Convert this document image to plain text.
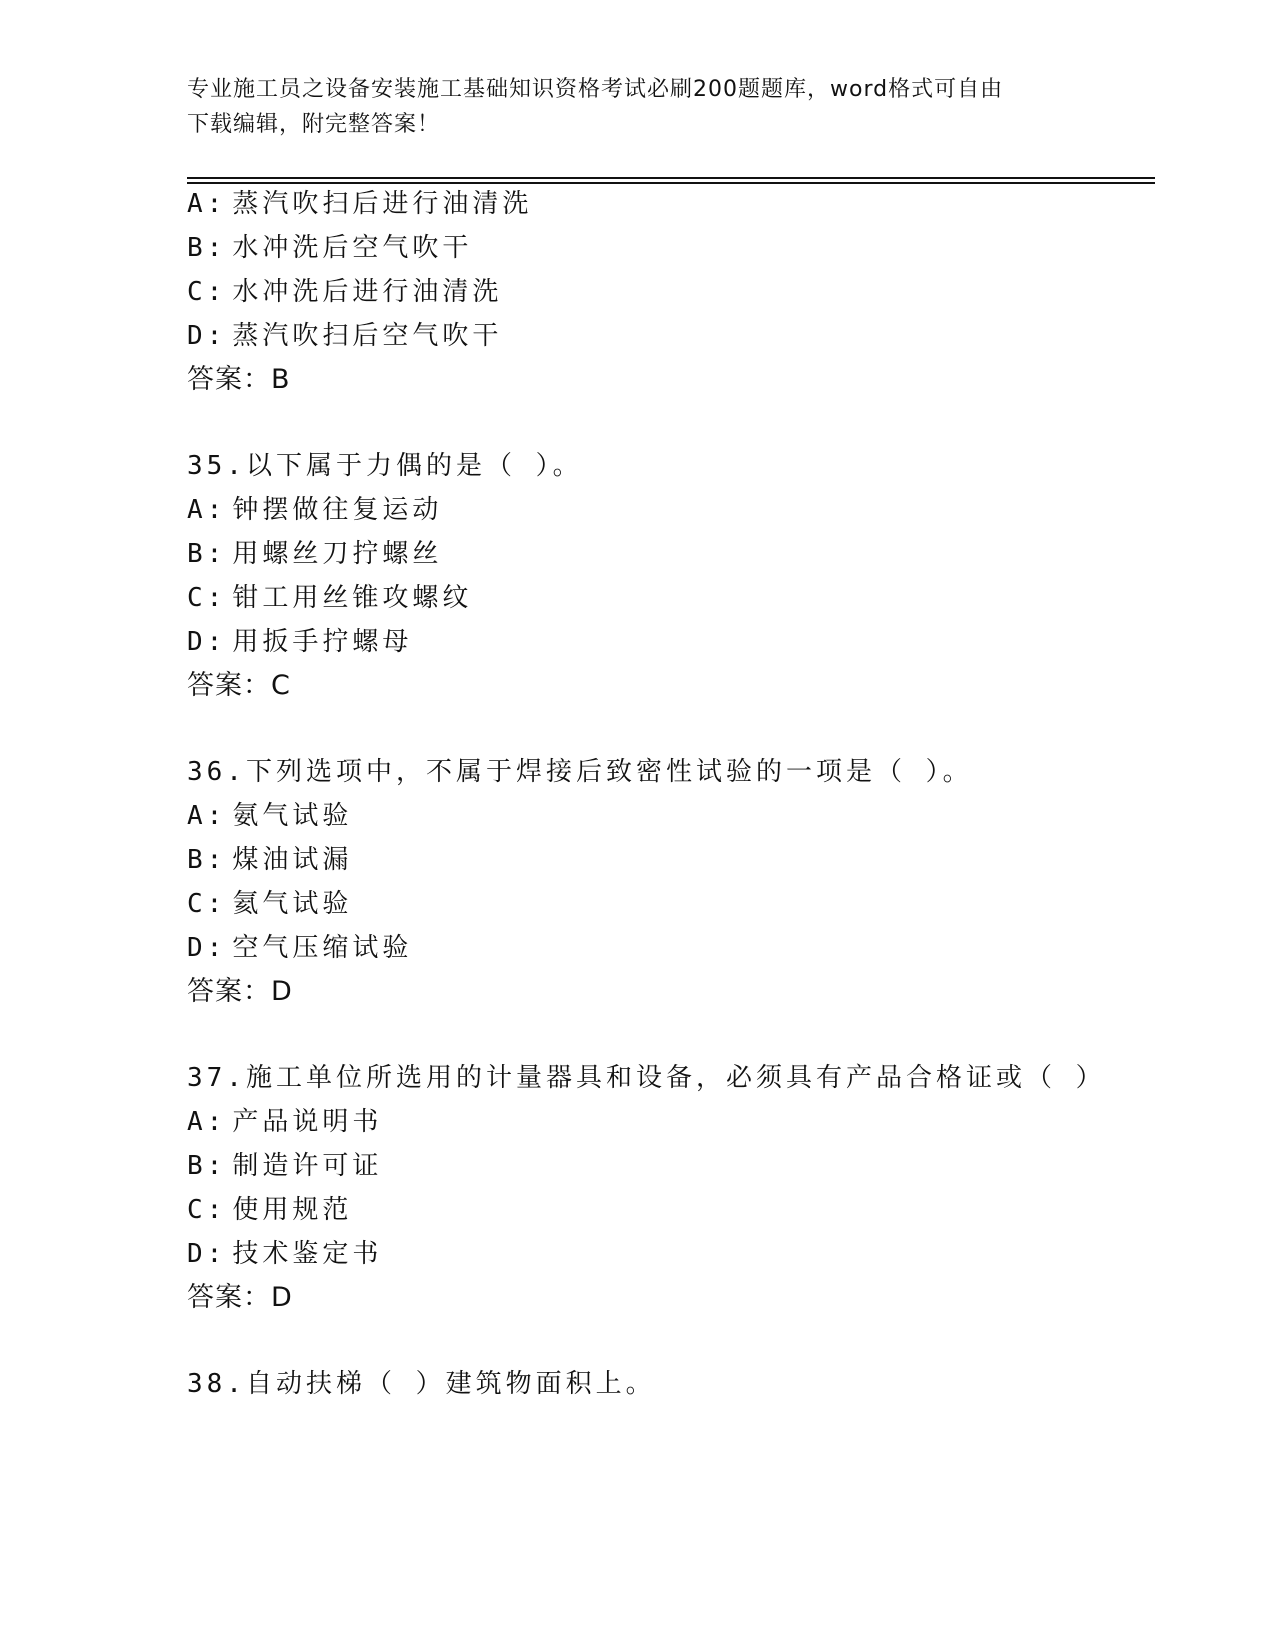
专业施工员之设备安装施工基础知识资格考试必刷200题题库，word格式可自由
下载编辑，附完整答案！
A: 蒸汽吹扫后进行油清洗
B: 水冲洗后空气吹干
C: 水冲洗后进行油清洗
D: 蒸汽吹扫后空气吹干
答案：B
35.以下属于力偶的是（ ）。
A: 钟摆做往复运动
B: 用螺丝刀拧螺丝
C: 钳工用丝锥攻螺纹
D: 用扳手拧螺母
答案：C
36.下列选项中，不属于焊接后致密性试验的一项是（ ）。
A: 氨气试验
B: 煤油试漏
C: 氦气试验
D: 空气压缩试验
答案：D
37.施工单位所选用的计量器具和设备，必须具有产品合格证或（ ）
A: 产品说明书
B: 制造许可证
C: 使用规范
D: 技术鉴定书
答案：D
38.自动扶梯（ ）建筑物面积上。
